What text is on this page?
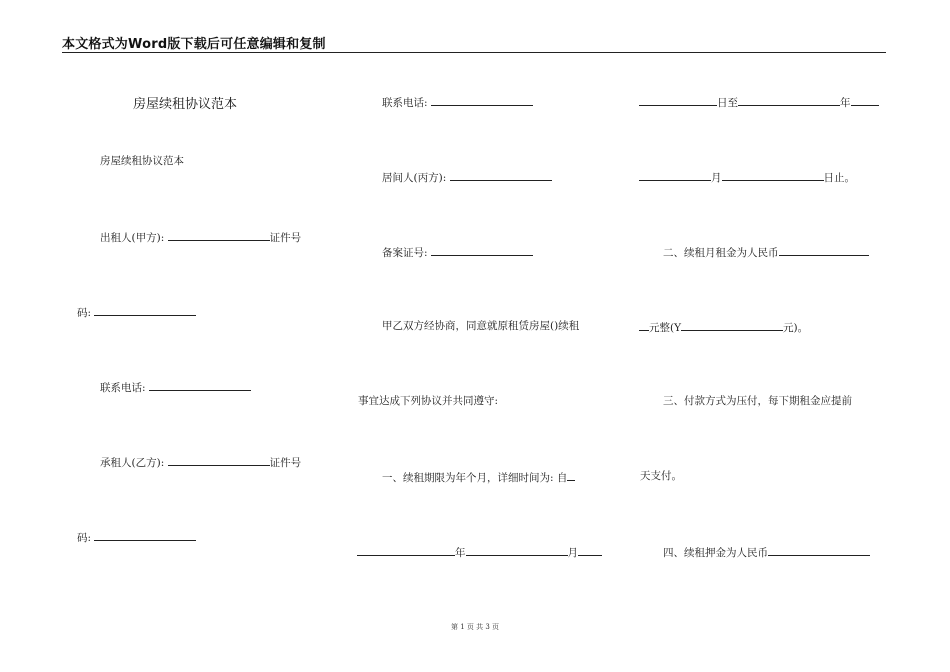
本文格式为Word版下载后可任意编辑和复制
房屋续租协议范本
房屋续租协议范本
出租人(甲方):	证件号
码:
联系电话:
承租人(乙方):	证件号
码:
联系电话:
居间人(丙方):
备案证号:
甲乙双方经协商，同意就原租赁房屋()续租
事宜达成下列协议并共同遵守:
一、续租期限为年个月，详细时间为: 自
年	月
日至	年
月	日止。
二、续租月租金为人民币
元整(Y	元)。
三、付款方式为压付，每下期租金应提前
天支付。
四、续租押金为人民币
第 1 页 共 3 页
